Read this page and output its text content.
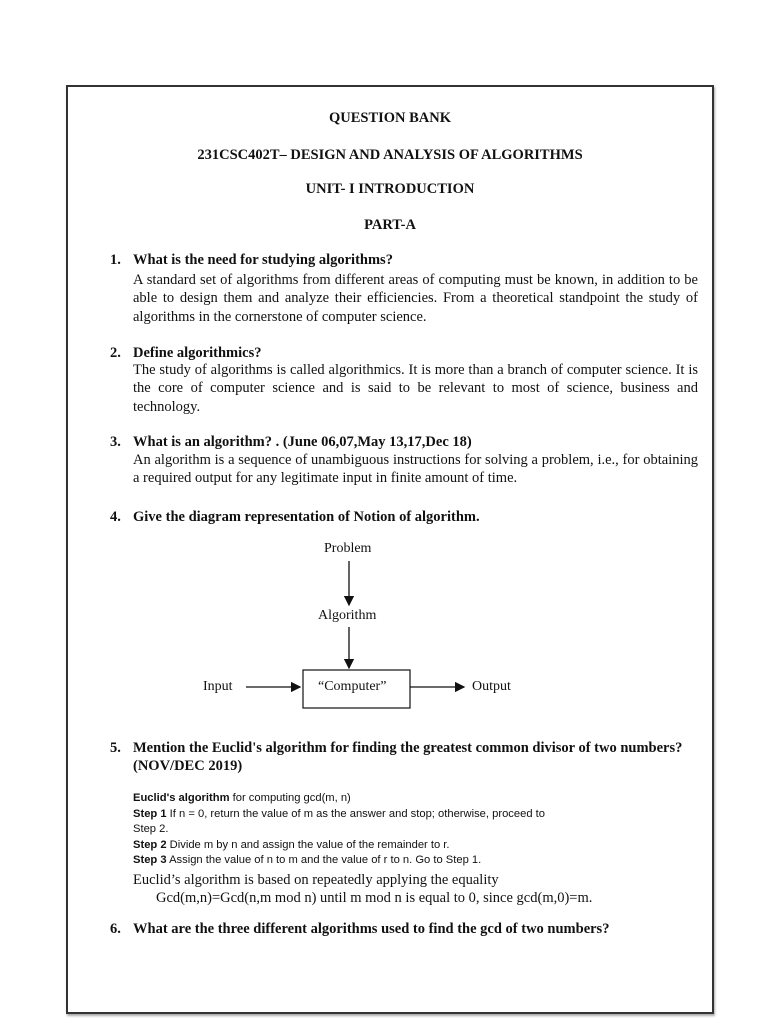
QUESTION BANK
231CSC402T– DESIGN AND ANALYSIS OF ALGORITHMS
UNIT- I INTRODUCTION
PART-A
1. What is the need for studying algorithms?
A standard set of algorithms from different areas of computing must be known, in addition to be able to design them and analyze their efficiencies. From a theoretical standpoint the study of algorithms in the cornerstone of computer science.
2. Define algorithmics?
The study of algorithms is called algorithmics. It is more than a branch of computer science. It is the core of computer science and is said to be relevant to most of science, business and technology.
3. What is an algorithm? . (June 06,07,May 13,17,Dec 18)
An algorithm is a sequence of unambiguous instructions for solving a problem, i.e., for obtaining a required output for any legitimate input in finite amount of time.
4. Give the diagram representation of Notion of algorithm.
Problem
Algorithm
Input	“Computer”	Output
5. Mention the Euclid's algorithm for finding the greatest common divisor of two numbers? (NOV/DEC 2019)
Euclid's algorithm for computing gcd(m, n)
Step 1 If n = 0, return the value of m as the answer and stop; otherwise, proceed to Step 2.
Step 2 Divide m by n and assign the value of the remainder to r.
Step 3 Assign the value of n to m and the value of r to n. Go to Step 1.
Euclid’s algorithm is based on repeatedly applying the equality
Gcd(m,n)=Gcd(n,m mod n) until m mod n is equal to 0, since gcd(m,0)=m.
6. What are the three different algorithms used to find the gcd of two numbers?
